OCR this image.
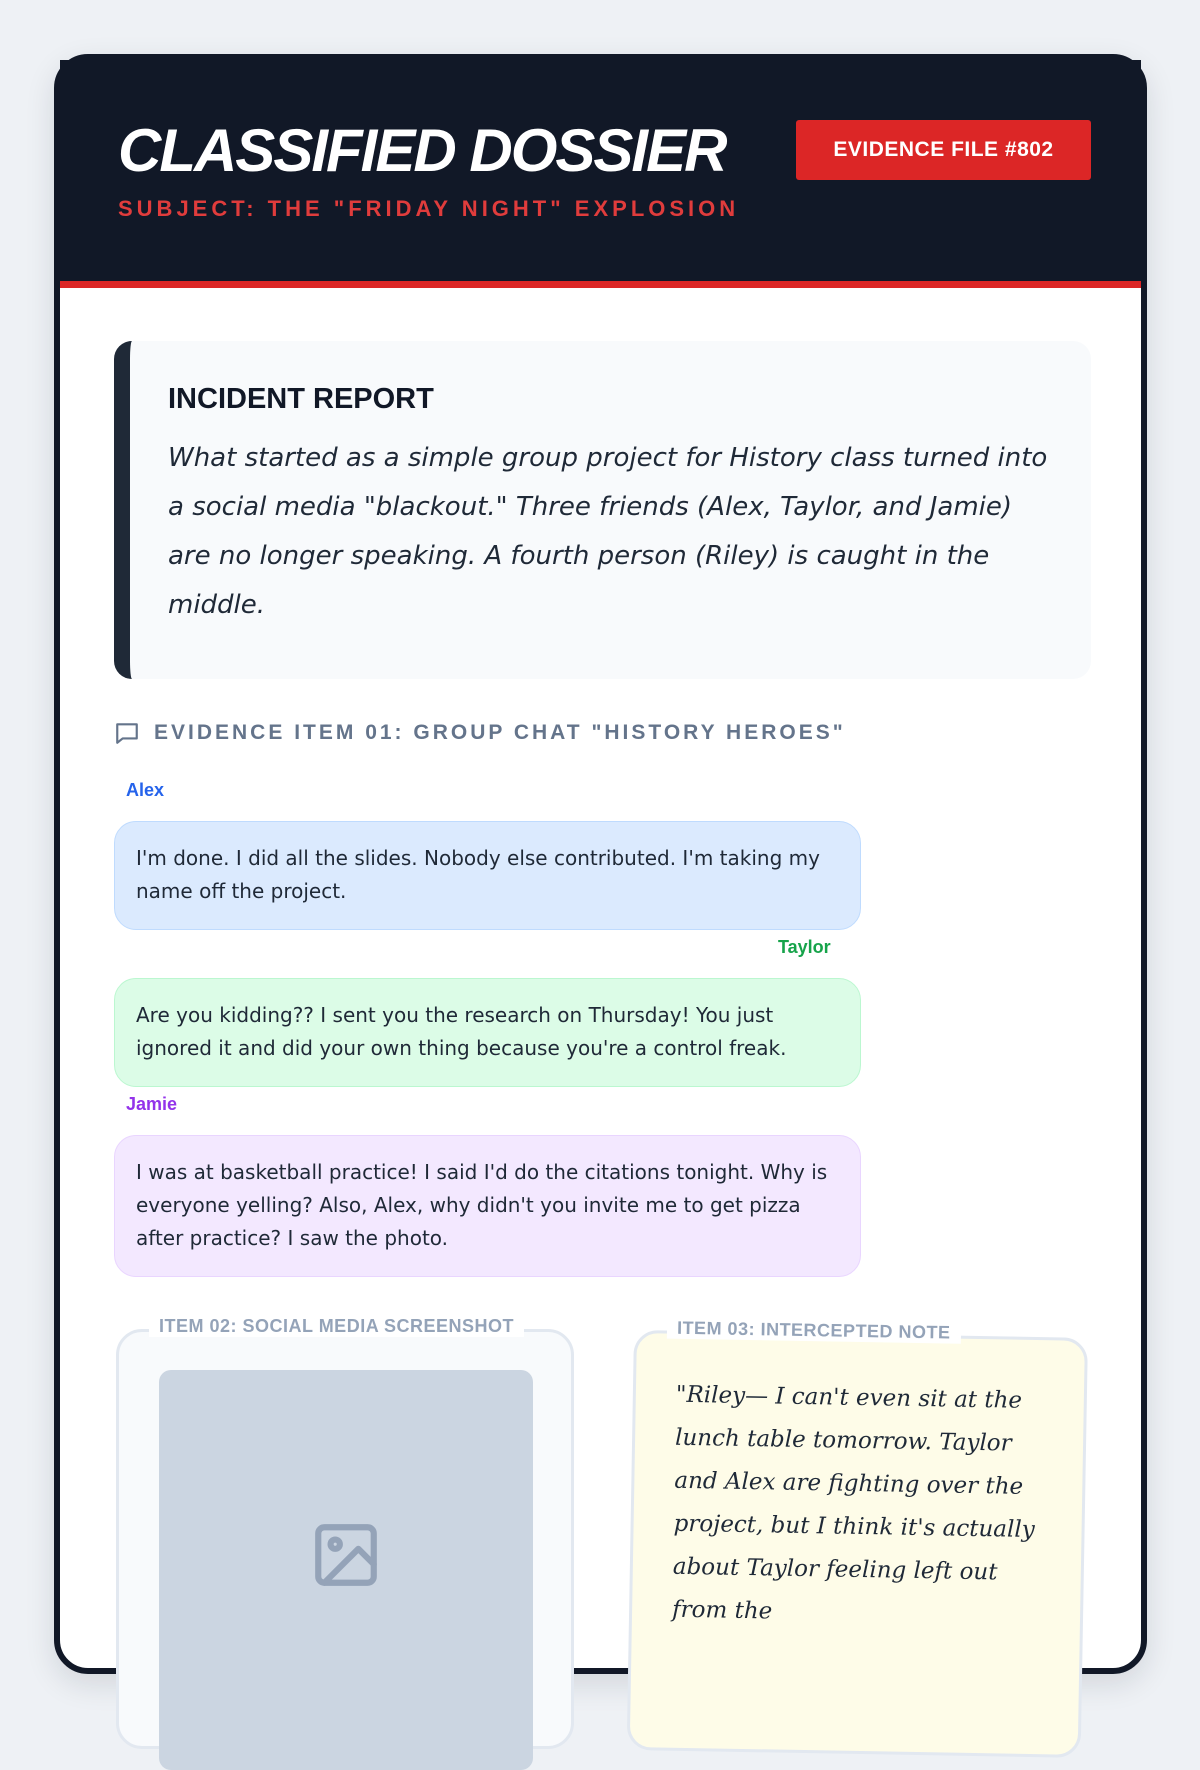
CLASSIFIED DOSSIER	EVIDENCE FILE #802
SUBJECT: THE "FRIDAY NIGHT" EXPLOSION
INCIDENT REPORT
What started as a simple group project for History class turned into a social media "blackout." Three friends (Alex, Taylor, and Jamie) are no longer speaking. A fourth person (Riley) is caught in the middle.
EVIDENCE ITEM 01: GROUP CHAT "HISTORY HEROES"
Alex
I'm done. I did all the slides. Nobody else contributed. I'm taking my name off the project.
Taylor
Are you kidding?? I sent you the research on Thursday! You just ignored it and did your own thing because you're a control freak.
Jamie
I was at basketball practice! I said I'd do the citations tonight. Why is everyone yelling? Also, Alex, why didn't you invite me to get pizza after practice? I saw the photo.
ITEM 02: SOCIAL MEDIA SCREENSHOT	ITEM 03: INTERCEPTED NOTE
"Riley— I can't even sit at the lunch table tomorrow. Taylor and Alex are fighting over the project, but I think it's actually about Taylor feeling left out from the
